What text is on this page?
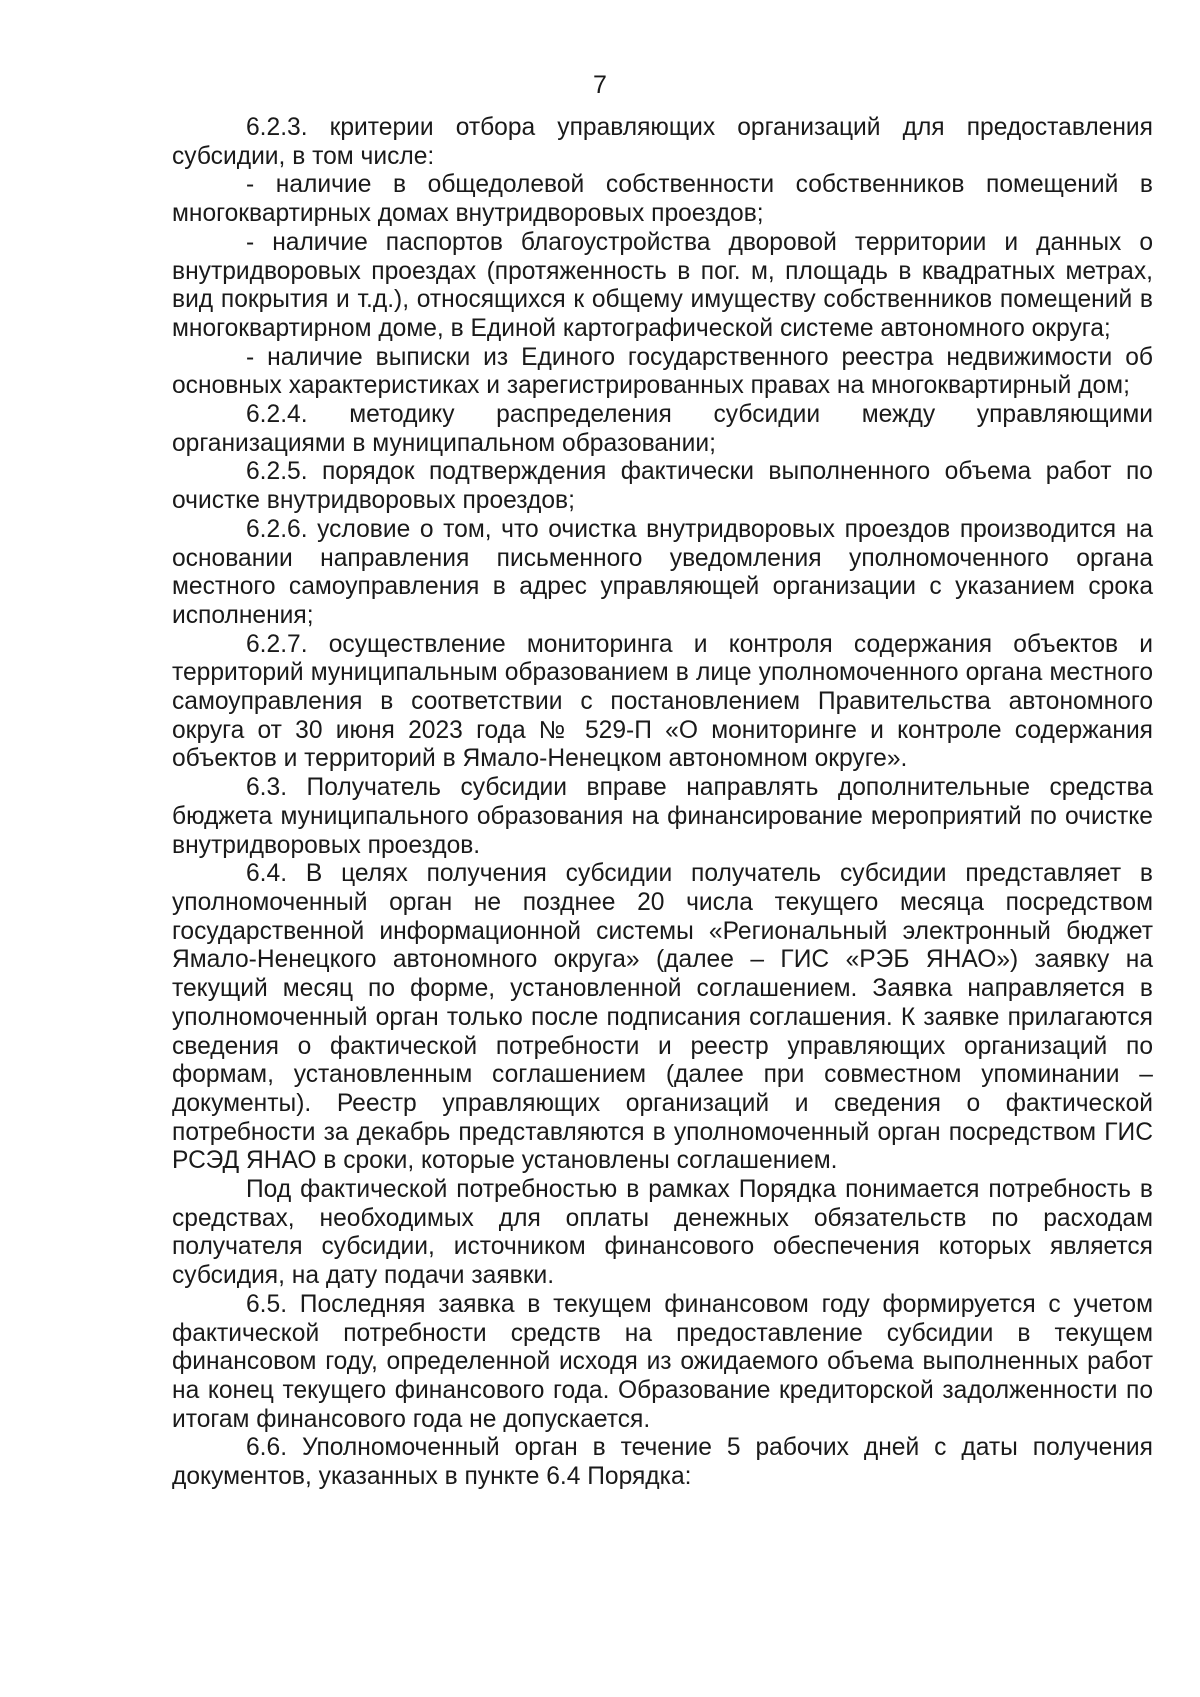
7

6.2.3. критерии отбора управляющих организаций для предоставления субсидии, в том числе:

- наличие в общедолевой собственности собственников помещений в многоквартирных домах внутридворовых проездов;

- наличие паспортов благоустройства дворовой территории и данных о внутридворовых проездах (протяженность в пог. м, площадь в квадратных метрах, вид покрытия и т.д.), относящихся к общему имуществу собственников помещений в многоквартирном доме, в Единой картографической системе автономного округа;

- наличие выписки из Единого государственного реестра недвижимости об основных характеристиках и зарегистрированных правах на многоквартирный дом;

6.2.4. методику распределения субсидии между управляющими организациями в муниципальном образовании;

6.2.5. порядок подтверждения фактически выполненного объема работ по очистке внутридворовых проездов;

6.2.6. условие о том, что очистка внутридворовых проездов производится на основании направления письменного уведомления уполномоченного органа местного самоуправления в адрес управляющей организации с указанием срока исполнения;

6.2.7. осуществление мониторинга и контроля содержания объектов и территорий муниципальным образованием в лице уполномоченного органа местного самоуправления в соответствии с постановлением Правительства автономного округа от 30 июня 2023 года № 529-П «О мониторинге и контроле содержания объектов и территорий в Ямало-Ненецком автономном округе».

6.3. Получатель субсидии вправе направлять дополнительные средства бюджета муниципального образования на финансирование мероприятий по очистке внутридворовых проездов.

6.4. В целях получения субсидии получатель субсидии представляет в уполномоченный орган не позднее 20 числа текущего месяца посредством государственной информационной системы «Региональный электронный бюджет Ямало-Ненецкого автономного округа» (далее – ГИС «РЭБ ЯНАО») заявку на текущий месяц по форме, установленной соглашением. Заявка направляется в уполномоченный орган только после подписания соглашения. К заявке прилагаются сведения о фактической потребности и реестр управляющих организаций по формам, установленным соглашением (далее при совместном упоминании – документы). Реестр управляющих организаций и сведения о фактической потребности за декабрь представляются в уполномоченный орган посредством ГИС РСЭД ЯНАО в сроки, которые установлены соглашением.

Под фактической потребностью в рамках Порядка понимается потребность в средствах, необходимых для оплаты денежных обязательств по расходам получателя субсидии, источником финансового обеспечения которых является субсидия, на дату подачи заявки.

6.5. Последняя заявка в текущем финансовом году формируется с учетом фактической потребности средств на предоставление субсидии в текущем финансовом году, определенной исходя из ожидаемого объема выполненных работ на конец текущего финансового года. Образование кредиторской задолженности по итогам финансового года не допускается.

6.6. Уполномоченный орган в течение 5 рабочих дней с даты получения документов, указанных в пункте 6.4 Порядка:
